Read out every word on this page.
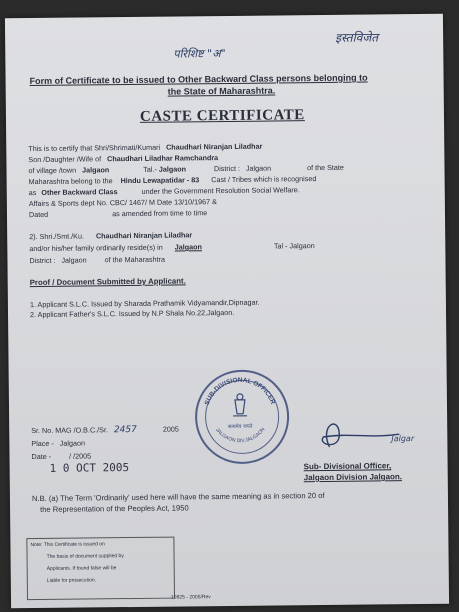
परिशिष्ट "अ"
इस्तविजेत
Form of Certificate to be issued to Other Backward Class persons belonging to
the State of Maharashtra.
CASTE CERTIFICATE
This is to certify that Shri/Shrimati/Kumari Chaudhari Niranjan Liladhar
Son /Daughter /Wife of Chaudhari Liladhar Ramchandra
of village /town Jalgaon	Tal.- Jalgaon	District : Jalgaon	of the State
Maharashtra belong to the Hindu Lewapatidar - 83 Cast / Tribes which is recognised
as Other Backward Class	under the Government Resolution Social Welfare.
Affairs & Sports dept No. CBC/ 1467/ M Date 13/10/1967 &
Dated	as amended from time to time
2). Shri./Smt./Ku. Chaudhari Niranjan Liladhar
and/or his/her family ordinarily reside(s) in Jalgaon	Tal - Jalgaon
District : Jalgaon of the Maharashtra
Proof / Document Submitted by Applicant.
1. Applicant S.L.C. Issued by Sharada Prathamik Vidyamandir,Dipnagar.
2. Applicant Father's S.L.C. Issued by N.P Shala No.22,Jalgaon.
SUB-DIVISIONAL OFFICER
JALGAON DIV.JALGAON
सत्यमेव जयते
Jalgar
Sr. No. MAG /O.B.C./Sr. 2457	2005
Place - Jalgaon
Date - / /2005
1 0 OCT 2005	Sub- Divisional Officer,
Jalgaon Division Jalgaon.
N.B. (a) The Term 'Ordinarily' used here will have the same meaning as in section 20 of
the Representation of the Peoples Act, 1950
Note: This Certificate is issued on
The basis of document supplied by
Applicants. If found false will be
Liable for prosecution.
10825 - 2005/Rev
